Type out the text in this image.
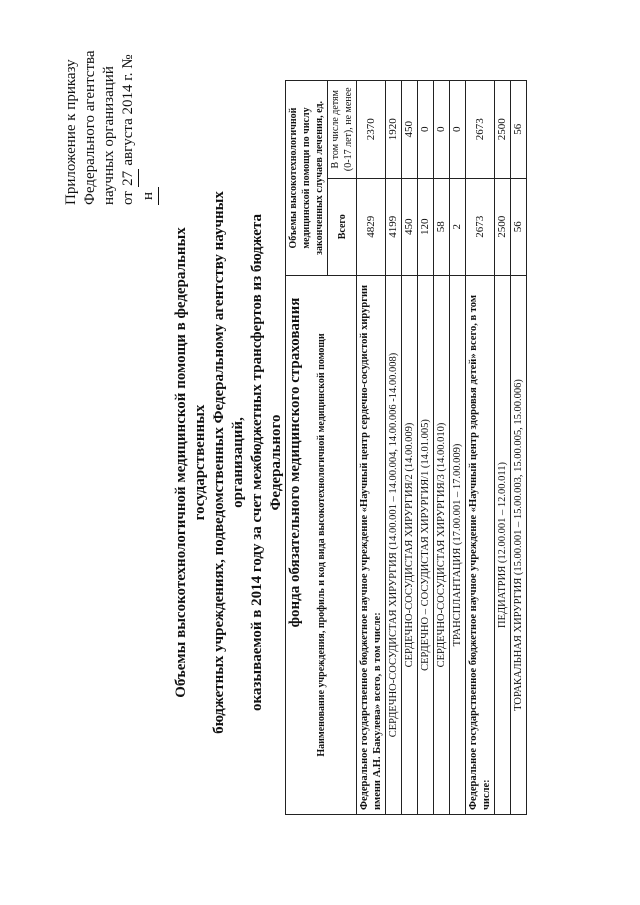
Приложение к приказу Федерального агентства научных организаций от 27 августа 2014 г. № н
Объемы высокотехнологичной медицинской помощи в федеральных государственных бюджетных учреждениях, подведомственных Федеральному агентству научных организаций, оказываемой в 2014 году за счет межбюджетных трансфертов из бюджета Федерального фонда обязательного медицинского страхования Наименование учреждения, профиль и код вида высокотехнологичной медицинской помощи	Объемы высокотехнологичной медицинской помощи по числу законченных случаев лечения, ед.	
	Всего	В том числе детям (0-17 лет), не менее
Федеральное государственное бюджетное научное учреждение «Научный центр сердечно-сосудистой хирургии имени А.Н. Бакулева» всего, в том числе:	4829	2370
СЕРДЕЧНО-СОСУДИСТАЯ ХИРУРГИЯ (14.00.001 – 14.00.004, 14.00.006 -14.00.008)	4199	1920
СЕРДЕЧНО-СОСУДИСТАЯ ХИРУРГИЯ/2 (14.00.009)	450	450
СЕРДЕЧНО – СОСУДИСТАЯ ХИРУРГИЯ/1 (14.01.005)	120	0
СЕРДЕЧНО-СОСУДИСТАЯ ХИРУРГИЯ/3 (14.00.010)	58	0
ТРАНСПЛАНТАЦИЯ (17.00.001 – 17.00.009)	2	0
Федеральное государственное бюджетное научное учреждение «Научный центр здоровья детей» всего, в том числе:	2673	2673
ПЕДИАТРИЯ (12.00.001 – 12.00.011)	2500	2500
ТОРАКАЛЬНАЯ ХИРУРГИЯ (15.00.001 – 15.00.003, 15.00.005, 15.00.006)	56	56
